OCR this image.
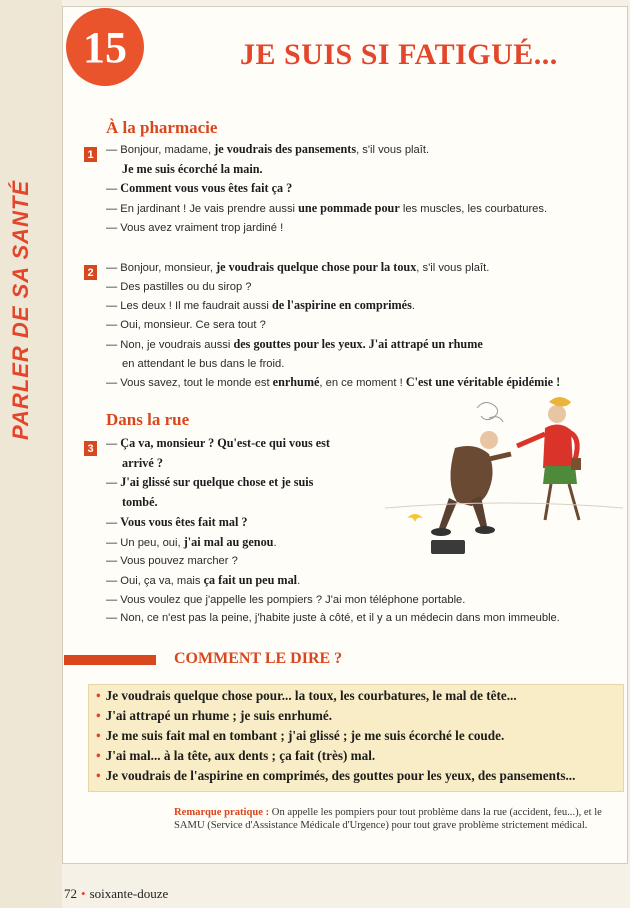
PARLER DE SA SANTÉ
15	JE SUIS SI FATIGUÉ...
À la pharmacie
1	— Bonjour, madame, je voudrais des pansements, s'il vous plaît.
Je me suis écorché la main.
— Comment vous vous êtes fait ça ?
— En jardinant ! Je vais prendre aussi une pommade pour les muscles, les courbatures.
— Vous avez vraiment trop jardiné !
2	— Bonjour, monsieur, je voudrais quelque chose pour la toux, s'il vous plaît.
— Des pastilles ou du sirop ?
— Les deux ! Il me faudrait aussi de l'aspirine en comprimés.
— Oui, monsieur. Ce sera tout ?
— Non, je voudrais aussi des gouttes pour les yeux. J'ai attrapé un rhume
en attendant le bus dans le froid.
— Vous savez, tout le monde est enrhumé, en ce moment ! C'est une véritable épidémie !
Dans la rue
3	— Ça va, monsieur ? Qu'est-ce qui vous est
arrivé ?
— J'ai glissé sur quelque chose et je suis
tombé.
— Vous vous êtes fait mal ?
— Un peu, oui, j'ai mal au genou.
— Vous pouvez marcher ?
— Oui, ça va, mais ça fait un peu mal.
— Vous voulez que j'appelle les pompiers ? J'ai mon téléphone portable.
— Non, ce n'est pas la peine, j'habite juste à côté, et il y a un médecin dans mon immeuble.
COMMENT LE DIRE ?
• Je voudrais quelque chose pour... la toux, les courbatures, le mal de tête...
• J'ai attrapé un rhume ; je suis enrhumé.
• Je me suis fait mal en tombant ; j'ai glissé ; je me suis écorché le coude.
• J'ai mal... à la tête, aux dents ; ça fait (très) mal.
• Je voudrais de l'aspirine en comprimés, des gouttes pour les yeux, des pansements...
Remarque pratique : On appelle les pompiers pour tout problème dans la rue (accident, feu...), et le SAMU (Service d'Assistance Médicale d'Urgence) pour tout grave problème strictement médical.
72 • soixante-douze
